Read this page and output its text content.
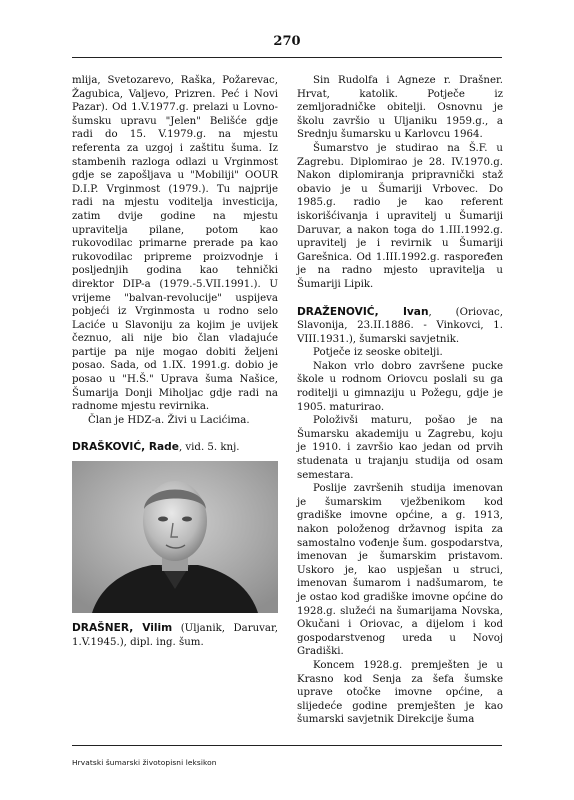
270

mlija, Svetozarevo, Raška, Požarevac, Žagubica, Valjevo, Prizren. Peć i Novi Pazar). Od 1.V.1977.g. prelazi u Lovno-šumsku upravu "Jelen" Belišće gdje radi do 15. V.1979.g. na mjestu referenta za uzgoj i zaštitu šuma. Iz stambenih razloga odlazi u Vrginmost gdje se zapošljava u "Mobiliji" OOUR D.I.P. Vrginmost (1979.). Tu najprije radi na mjestu voditelja investicija, zatim dvije godine na mjestu upravitelja pilane, potom kao rukovodilac primarne prerade pa kao rukovodilac pripreme proizvodnje i posljednjih godina kao tehnički direktor DIP-a (1979.-5.VII.1991.). U vrijeme "balvan-revolucije" uspijeva pobjeći iz Vrginmosta u rodno selo Laciće u Slavoniju za kojim je uvijek čeznuo, ali nije bio član vladajuće partije pa nije mogao dobiti željeni posao. Sada, od 1.IX. 1991.g. dobio je posao u "H.Š." Uprava šuma Našice, Šumarija Donji Miholjac gdje radi na radnome mjestu revirnika.

Član je HDZ-a. Živi u Lacićima.

DRAŠKOVIĆ, Rade, vid. 5. knj.

DRAŠNER, Vilim (Uljanik, Daruvar, 1.V.1945.), dipl. ing. šum.

Sin Rudolfa i Agneze r. Drašner. Hrvat, katolik. Potječe iz zemljoradničke obitelji. Osnovnu je školu završio u Uljaniku 1959.g., a Srednju šumarsku u Karlovcu 1964.

Šumarstvo je studirao na Š.F. u Zagrebu. Diplomirao je 28. IV.1970.g. Nakon diplomiranja pripravnički staž obavio je u Šumariji Vrbovec. Do 1985.g. radio je kao referent iskorišćivanja i upravitelj u Šumariji Daruvar, a nakon toga do 1.III.1992.g. upravitelj je i revirnik u Šumariji Garešnica. Od 1.III.1992.g. raspoređen je na radno mjesto upravitelja u Šumariji Lipik.

DRAŽENOVIĆ, Ivan, (Oriovac, Slavonija, 23.II.1886. - Vinkovci, 1. VIII.1931.), šumarski savjetnik.

Potječe iz seoske obitelji.

Nakon vrlo dobro završene pucke škole u rodnom Oriovcu poslali su ga roditelji u gimnaziju u Požegu, gdje je 1905. maturirao.

Položivši maturu, pošao je na Šumarsku akademiju u Zagrebu, koju je 1910. i završio kao jedan od prvih studenata u trajanju studija od osam semestara.

Poslije završenih studija imenovan je šumarskim vježbenikom kod gradiške imovne općine, a g. 1913, nakon položenog državnog ispita za samostalno vođenje šum. gospodarstva, imenovan je šumarskim pristavom. Uskoro je, kao uspješan u struci, imenovan šumarom i nadšumarom, te je ostao kod gradiške imovne općine do 1928.g. služeći na šumarijama Novska, Okučani i Oriovac, a dijelom i kod gospodarstvenog ureda u Novoj Gradiški.

Koncem 1928.g. premješten je u Krasno kod Senja za šefa šumske uprave otočke imovne općine, a slijedeće godine premješten je kao šumarski savjetnik Direkcije šuma

Hrvatski šumarski životopisni leksikon
